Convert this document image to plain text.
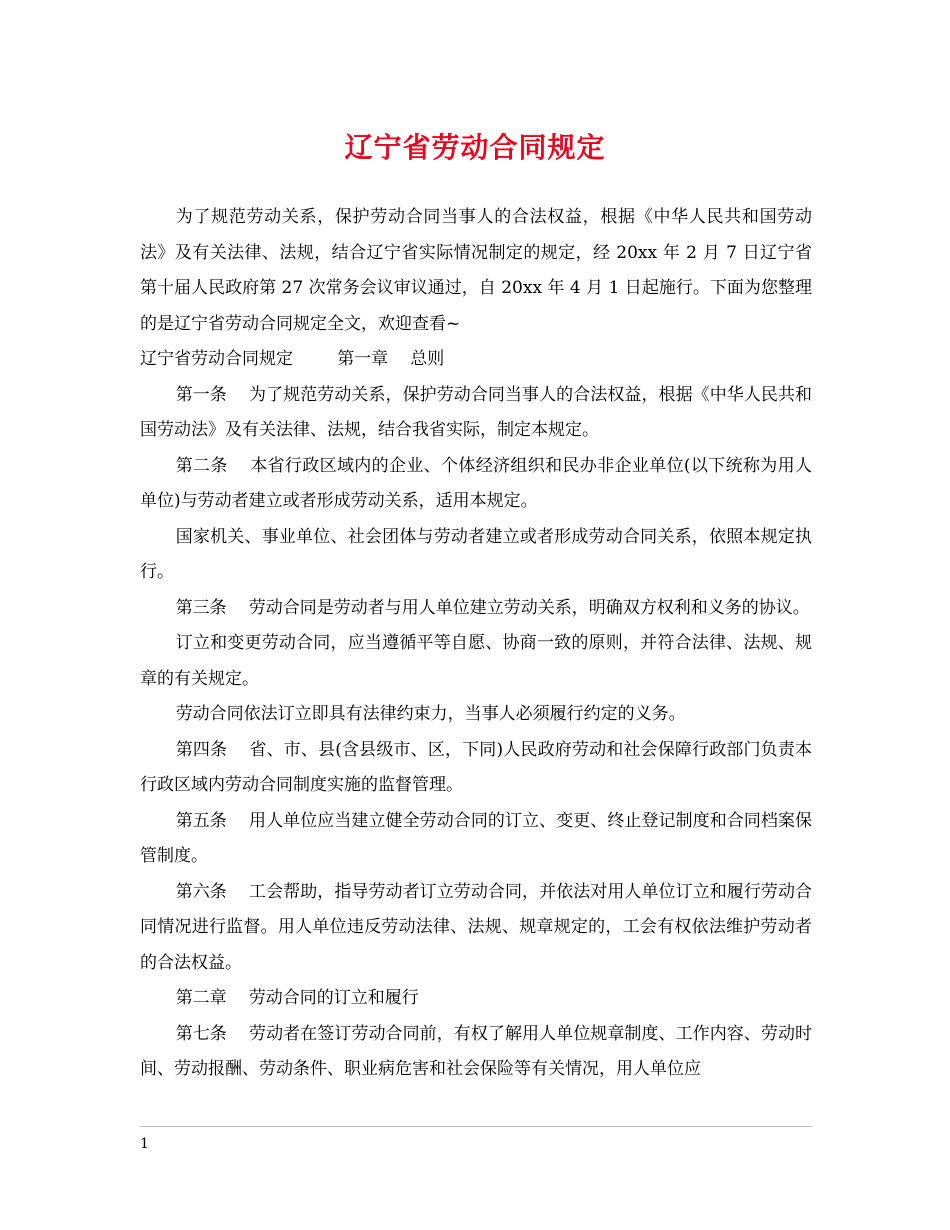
辽宁省劳动合同规定

为了规范劳动关系，保护劳动合同当事人的合法权益，根据《中华人民共和国劳动法》及有关法律、法规，结合辽宁省实际情况制定的规定，经 20xx 年 2 月 7 日辽宁省第十届人民政府第 27 次常务会议审议通过，自 20xx 年 4 月 1 日起施行。下面为您整理的是辽宁省劳动合同规定全文，欢迎查看~

辽宁省劳动合同规定	第一章 总则

第一条 为了规范劳动关系，保护劳动合同当事人的合法权益，根据《中华人民共和国劳动法》及有关法律、法规，结合我省实际，制定本规定。

第二条 本省行政区域内的企业、个体经济组织和民办非企业单位(以下统称为用人单位)与劳动者建立或者形成劳动关系，适用本规定。

国家机关、事业单位、社会团体与劳动者建立或者形成劳动合同关系，依照本规定执行。

第三条 劳动合同是劳动者与用人单位建立劳动关系，明确双方权利和义务的协议。

订立和变更劳动合同，应当遵循平等自愿、协商一致的原则，并符合法律、法规、规章的有关规定。

劳动合同依法订立即具有法律约束力，当事人必须履行约定的义务。

第四条 省、市、县(含县级市、区，下同)人民政府劳动和社会保障行政部门负责本行政区域内劳动合同制度实施的监督管理。

第五条 用人单位应当建立健全劳动合同的订立、变更、终止登记制度和合同档案保管制度。

第六条 工会帮助，指导劳动者订立劳动合同，并依法对用人单位订立和履行劳动合同情况进行监督。用人单位违反劳动法律、法规、规章规定的，工会有权依法维护劳动者的合法权益。

第二章 劳动合同的订立和履行

第七条 劳动者在签订劳动合同前，有权了解用人单位规章制度、工作内容、劳动时间、劳动报酬、劳动条件、职业病危害和社会保险等有关情况，用人单位应

1
